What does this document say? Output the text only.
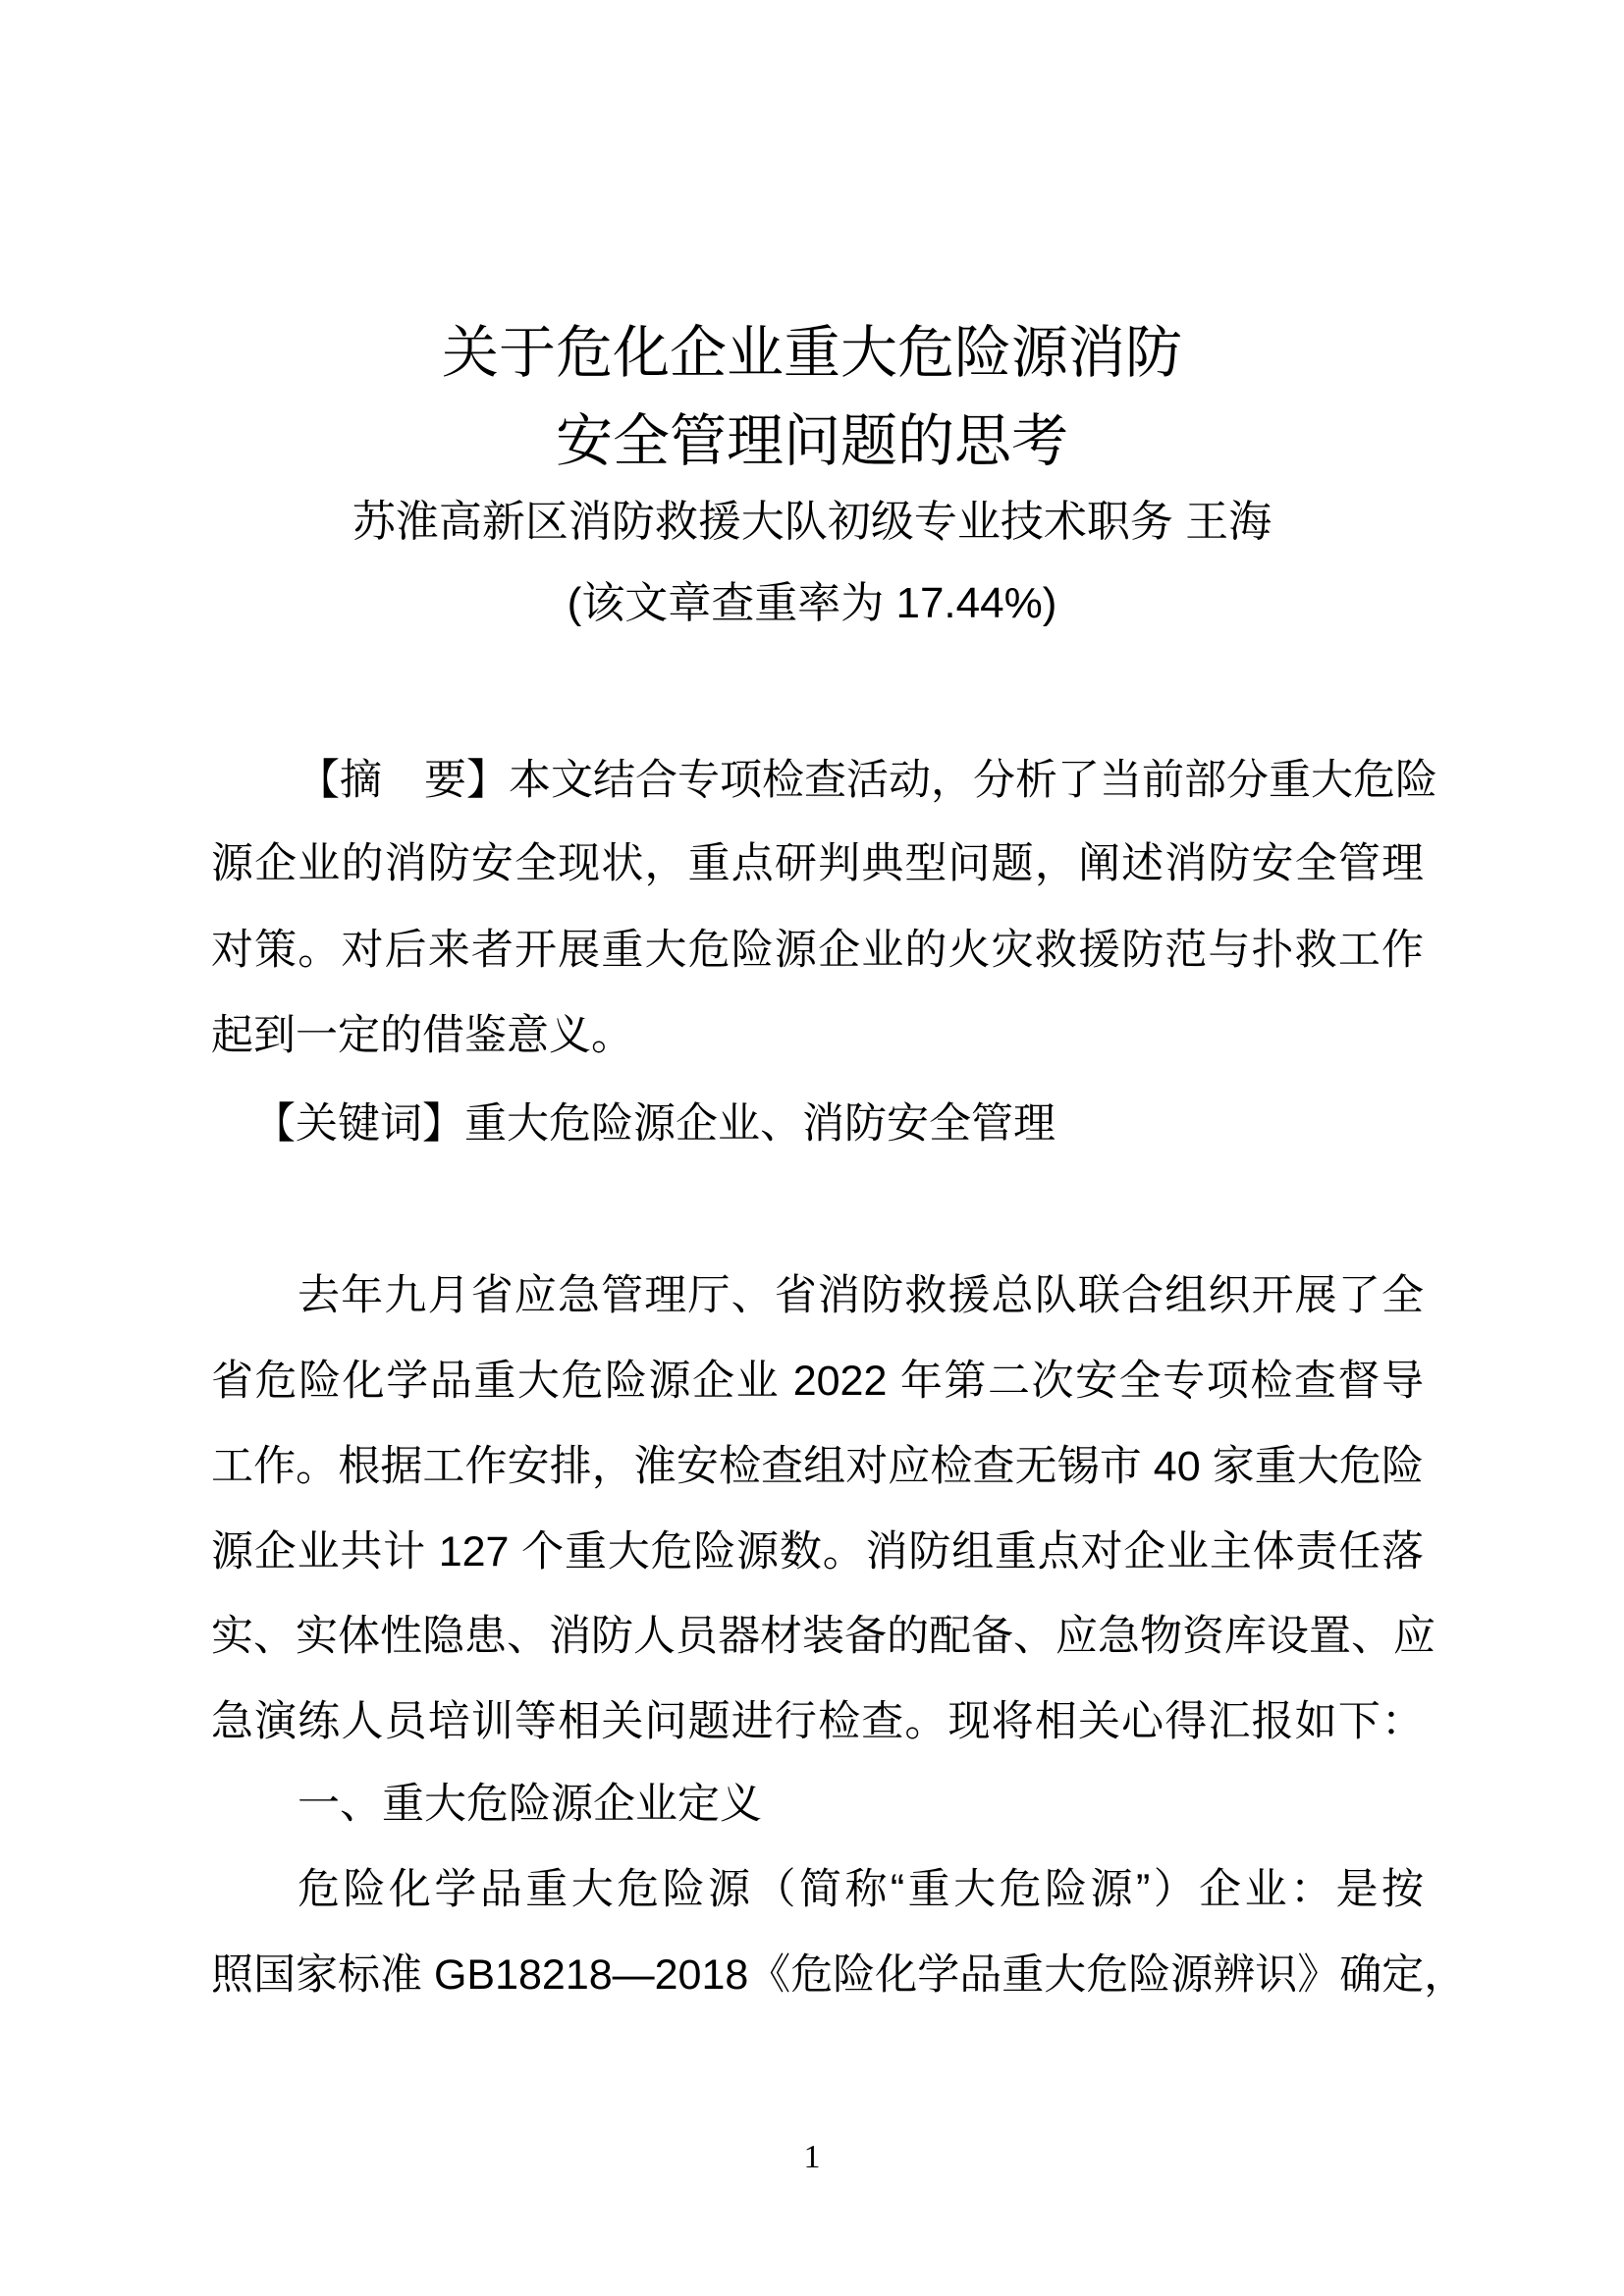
关于危化企业重大危险源消防
安全管理问题的思考
苏淮高新区消防救援大队初级专业技术职务 王海
(该文章查重率为 17.44%)
【摘　要】本文结合专项检查活动，分析了当前部分重大危险
源企业的消防安全现状，重点研判典型问题，阐述消防安全管理
对策。对后来者开展重大危险源企业的火灾救援防范与扑救工作
起到一定的借鉴意义。
【关键词】重大危险源企业、消防安全管理
去年九月省应急管理厅、省消防救援总队联合组织开展了全
省危险化学品重大危险源企业 2022 年第二次安全专项检查督导
工作。根据工作安排，淮安检查组对应检查无锡市 40 家重大危险
源企业共计 127 个重大危险源数。消防组重点对企业主体责任落
实、实体性隐患、消防人员器材装备的配备、应急物资库设置、应
急演练人员培训等相关问题进行检查。现将相关心得汇报如下：
一、重大危险源企业定义
危险化学品重大危险源（简称“重大危险源”）企业：是按
照国家标准 GB18218—2018《危险化学品重大危险源辨识》确定，
1
